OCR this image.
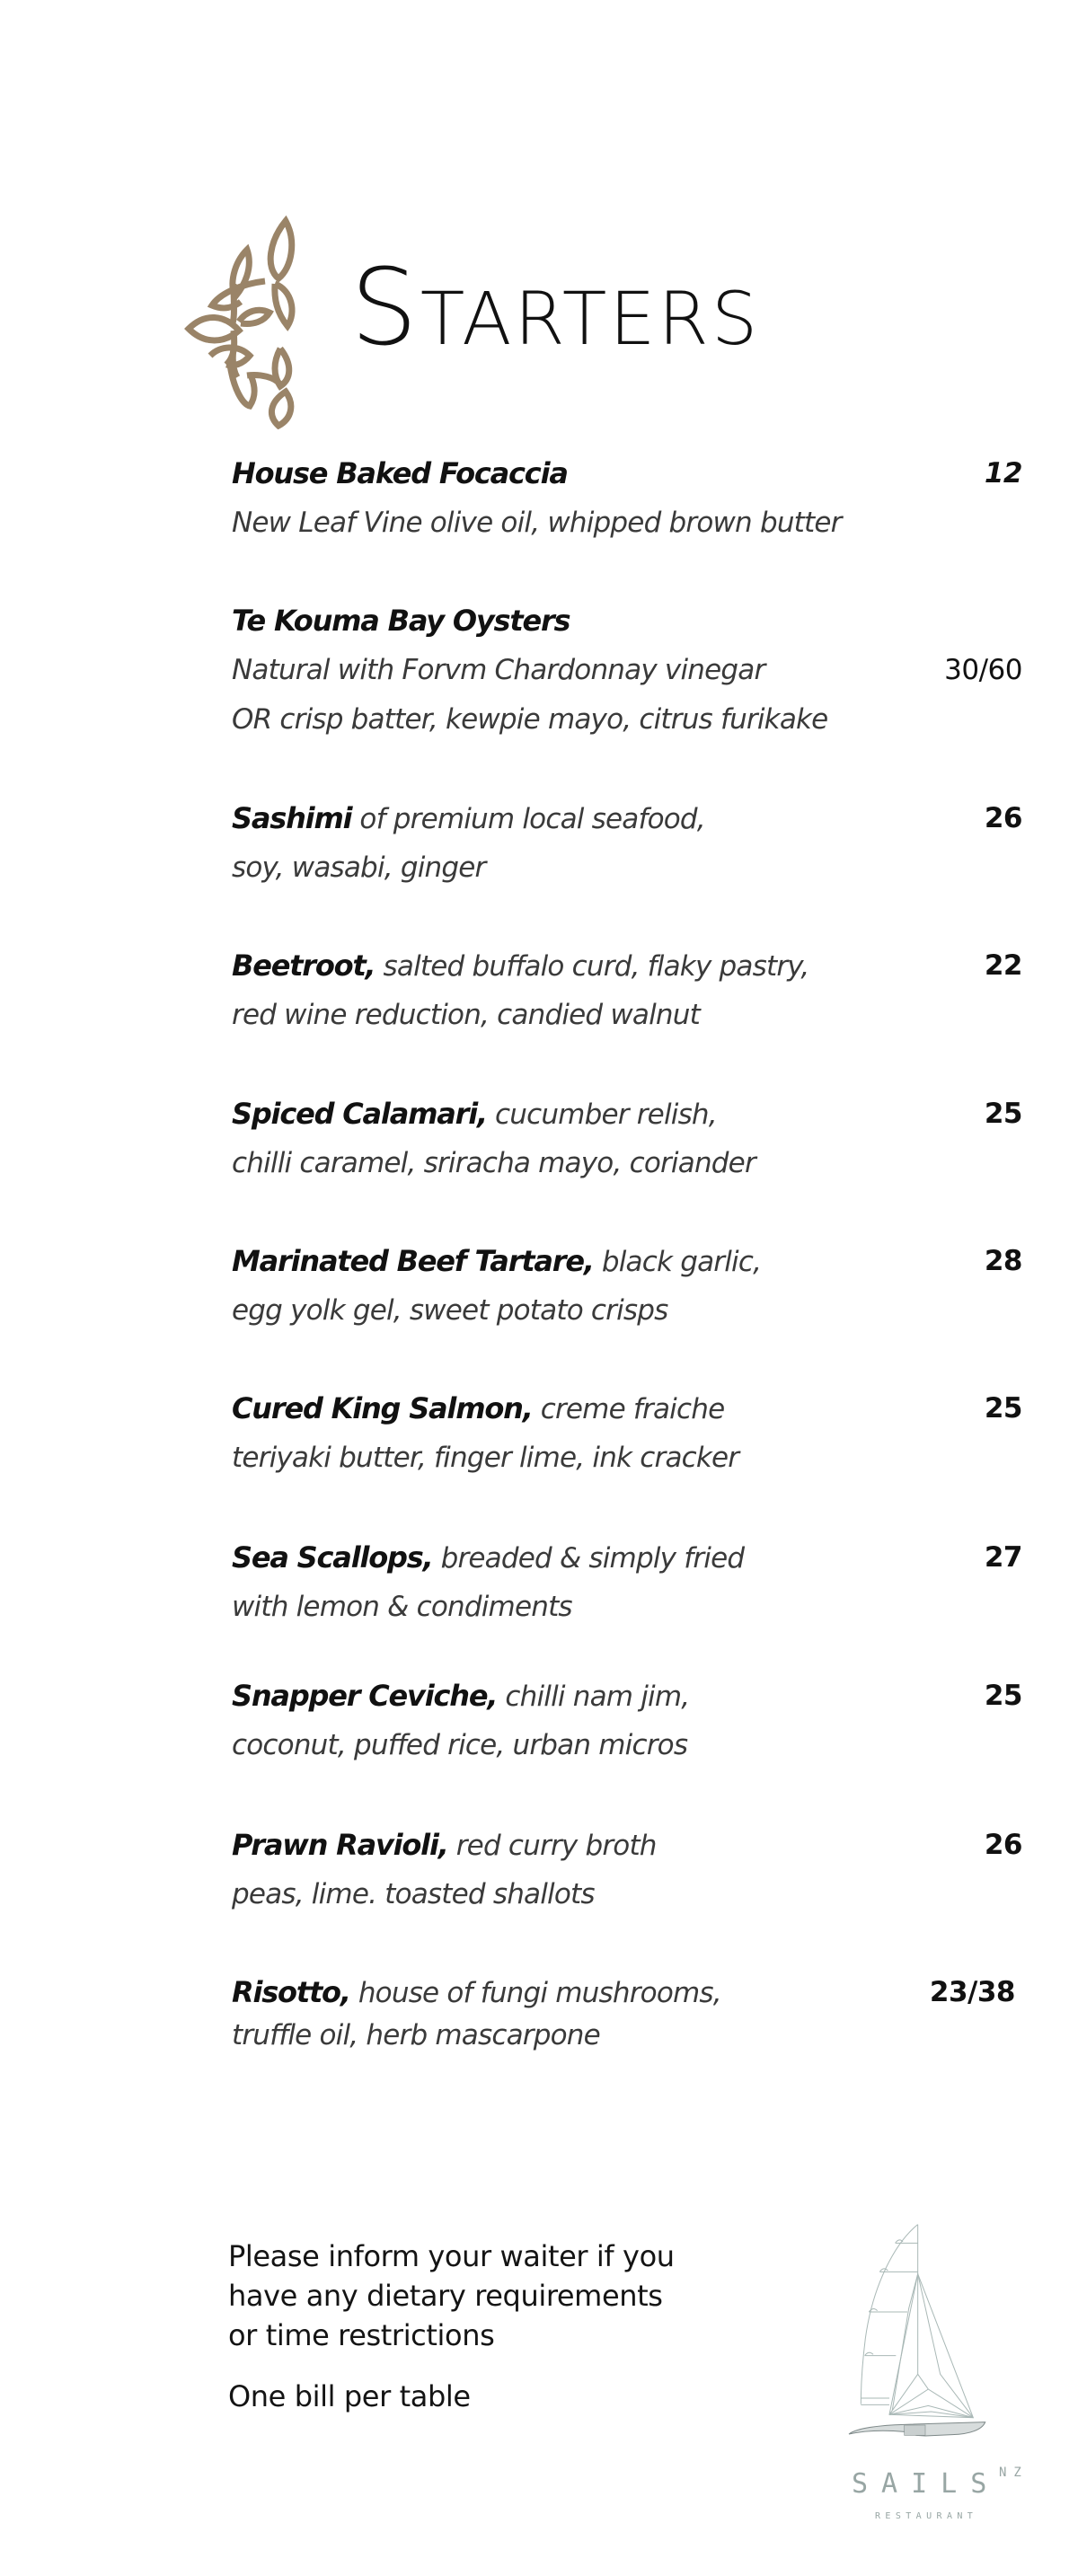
Starters
House Baked Focaccia	12
New Leaf Vine olive oil, whipped brown butter
Te Kouma Bay Oysters
Natural with Forvm Chardonnay vinegar	30/60
OR crisp batter, kewpie mayo, citrus furikake
Sashimi of premium local seafood,	26
soy, wasabi, ginger
Beetroot, salted buffalo curd, flaky pastry,	22
red wine reduction, candied walnut
Spiced Calamari, cucumber relish,	25
chilli caramel, sriracha mayo, coriander
Marinated Beef Tartare, black garlic,	28
egg yolk gel, sweet potato crisps
Cured King Salmon, creme fraiche	25
teriyaki butter, finger lime, ink cracker
Sea Scallops, breaded & simply fried	27
with lemon & condiments
Snapper Ceviche, chilli nam jim,	25
coconut, puffed rice, urban micros
Prawn Ravioli, red curry broth	26
peas, lime. toasted shallots
Risotto, house of fungi mushrooms,	23/38
truffle oil, herb mascarpone
Please inform your waiter if you
have any dietary requirements
or time restrictions
One bill per table
SAILS
NZ
RESTAURANT
